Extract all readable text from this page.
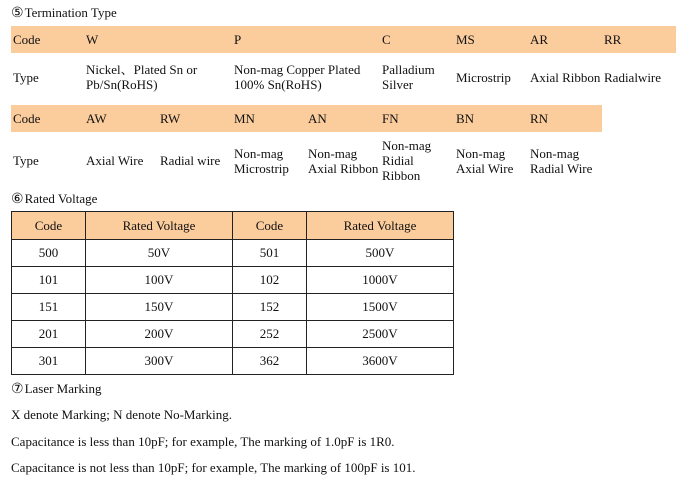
⑤Termination Type
Code	W	P	C	MS	AR	RR
Type	Nickel、Plated Sn or Pb/Sn(RoHS)	Non-mag Copper Plated 100% Sn(RoHS)	Palladium Silver	Microstrip	Axial Ribbon	Radialwire
Code	AW	RW	MN	AN	FN	BN	RN
Type	Axial Wire	Radial wire	Non-mag Microstrip	Non-mag Axial Ribbon	Non-mag Ridial Ribbon	Non-mag Axial Wire	Non-mag Radial Wire
⑥Rated Voltage
Code	Rated Voltage	Code	Rated Voltage
500	50V	501	500V
101	100V	102	1000V
151	150V	152	1500V
201	200V	252	2500V
301	300V	362	3600V
⑦Laser Marking
X denote Marking; N denote No-Marking.
Capacitance is less than 10pF; for example, The marking of 1.0pF is 1R0.
Capacitance is not less than 10pF; for example, The marking of 100pF is 101.
